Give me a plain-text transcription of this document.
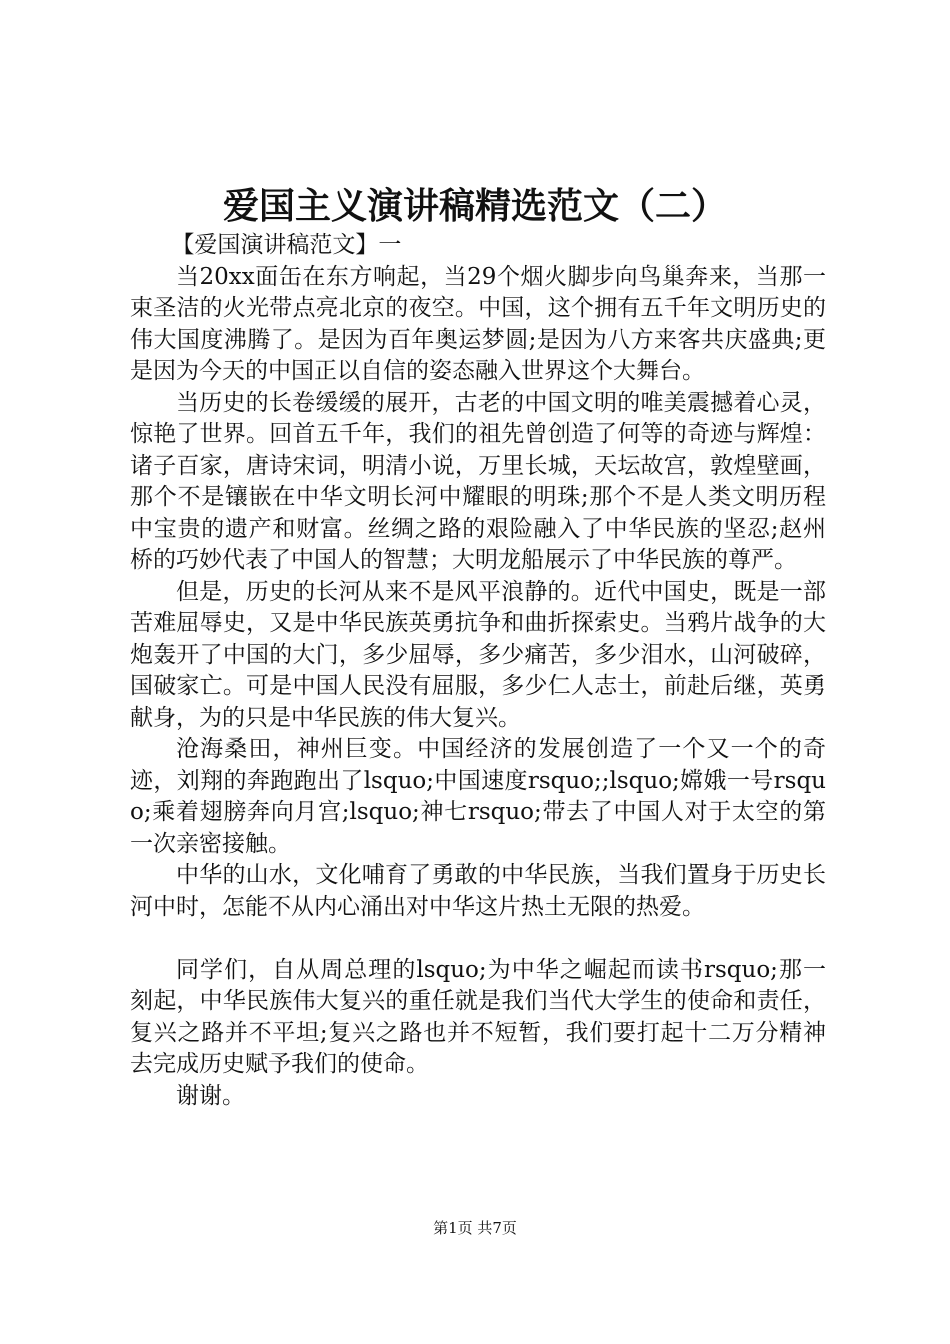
爱国主义演讲稿精选范文（二）

【爱国演讲稿范文】一

当20xx面缶在东方响起，当29个烟火脚步向鸟巢奔来，当那一束圣洁的火光带点亮北京的夜空。中国，这个拥有五千年文明历史的伟大国度沸腾了。是因为百年奥运梦圆;是因为八方来客共庆盛典;更是因为今天的中国正以自信的姿态融入世界这个大舞台。

当历史的长卷缓缓的展开，古老的中国文明的唯美震撼着心灵，惊艳了世界。回首五千年，我们的祖先曾创造了何等的奇迹与辉煌：诸子百家，唐诗宋词，明清小说，万里长城，天坛故宫，敦煌壁画，那个不是镶嵌在中华文明长河中耀眼的明珠;那个不是人类文明历程中宝贵的遗产和财富。丝绸之路的艰险融入了中华民族的坚忍;赵州桥的巧妙代表了中国人的智慧；大明龙船展示了中华民族的尊严。

但是，历史的长河从来不是风平浪静的。近代中国史，既是一部苦难屈辱史，又是中华民族英勇抗争和曲折探索史。当鸦片战争的大炮轰开了中国的大门，多少屈辱，多少痛苦，多少泪水，山河破碎，国破家亡。可是中国人民没有屈服，多少仁人志士，前赴后继，英勇献身，为的只是中华民族的伟大复兴。

沧海桑田，神州巨变。中国经济的发展创造了一个又一个的奇迹，刘翔的奔跑跑出了lsquo;中国速度rsquo;;lsquo;嫦娥一号rsquo;乘着翅膀奔向月宫;lsquo;神七rsquo;带去了中国人对于太空的第一次亲密接触。

中华的山水，文化哺育了勇敢的中华民族，当我们置身于历史长河中时，怎能不从内心涌出对中华这片热土无限的热爱。

同学们，自从周总理的lsquo;为中华之崛起而读书rsquo;那一刻起，中华民族伟大复兴的重任就是我们当代大学生的使命和责任，复兴之路并不平坦;复兴之路也并不短暂，我们要打起十二万分精神去完成历史赋予我们的使命。

谢谢。

第1页 共7页
